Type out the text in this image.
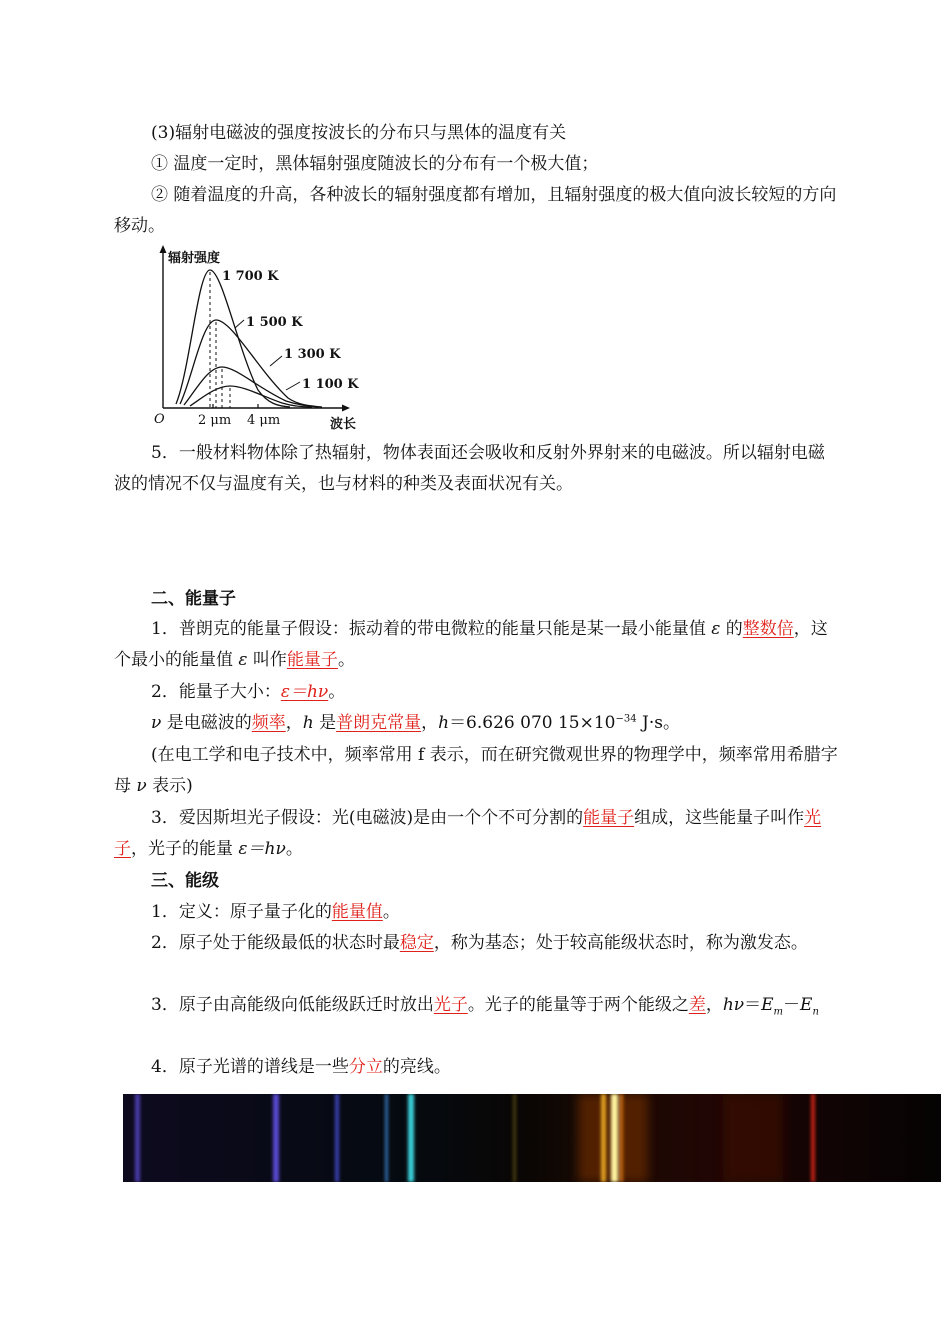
(3)辐射电磁波的强度按波长的分布只与黑体的温度有关

① 温度一定时，黑体辐射强度随波长的分布有一个极大值；

② 随着温度的升高，各种波长的辐射强度都有增加，且辐射强度的极大值向波长较短的方向移动。

辐射强度
1 700 K
1 500 K
1 300 K
1 100 K
O	2 μm 4 μm	波长

5．一般材料物体除了热辐射，物体表面还会吸收和反射外界射来的电磁波。所以辐射电磁波的情况不仅与温度有关，也与材料的种类及表面状况有关。

二、能量子

1．普朗克的能量子假设：振动着的带电微粒的能量只能是某一最小能量值 ε 的整数倍，这个最小的能量值 ε 叫作能量子。

2．能量子大小：ε＝hν。

ν 是电磁波的频率，h 是普朗克常量，h＝6.626 070 $15\times 10^{-34}$ J·s。

(在电工学和电子技术中，频率常用 f 表示，而在研究微观世界的物理学中，频率常用希腊字母 ν 表示)

3．爱因斯坦光子假设：光(电磁波)是由一个个不可分割的能量子组成，这些能量子叫作光子，光子的能量 ε＝hν。

三、能级

1．定义：原子量子化的能量值。

2．原子处于能级最低的状态时最稳定，称为基态；处于较高能级状态时，称为激发态。

3．原子由高能级向低能级跃迁时放出光子。光子的能量等于两个能级之差，$h\nu=E_m-E_n$

4．原子光谱的谱线是一些分立的亮线。
